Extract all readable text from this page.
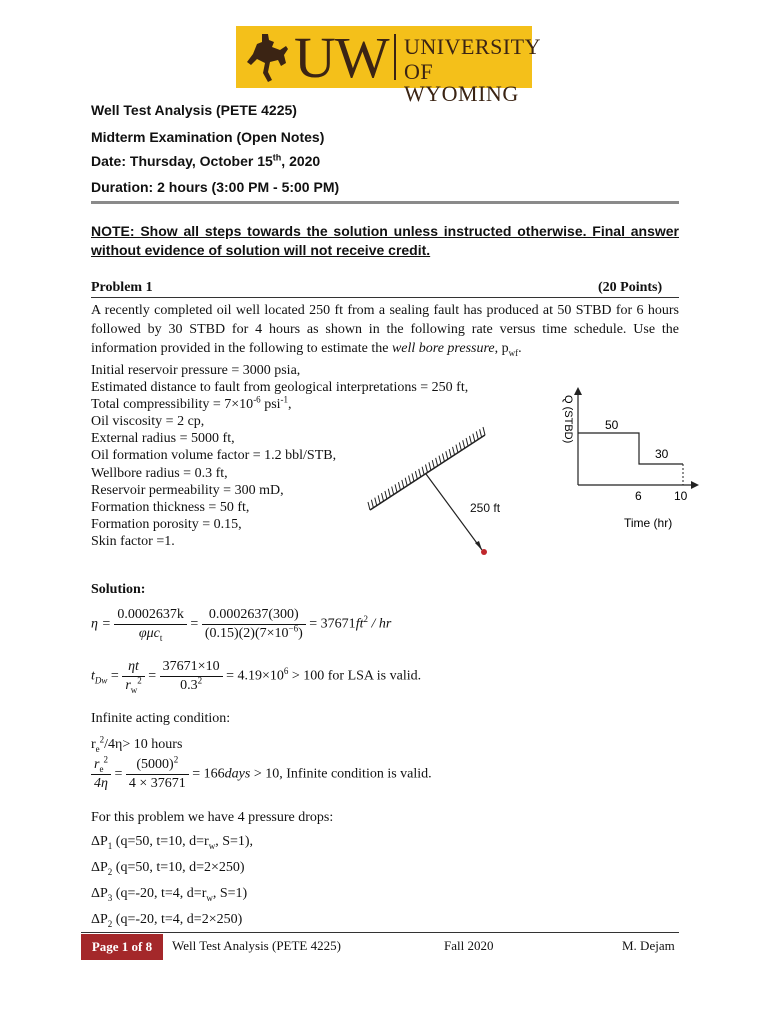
UW UNIVERSITY
OF WYOMING
Well Test Analysis (PETE 4225)
Midterm Examination (Open Notes)
Date: Thursday, October 15th, 2020
Duration: 2 hours (3:00 PM - 5:00 PM)
NOTE: Show all steps towards the solution unless instructed otherwise. Final answer without evidence of solution will not receive credit.
Problem 1	(20 Points)
A recently completed oil well located 250 ft from a sealing fault has produced at 50 STBD for 6 hours followed by 30 STBD for 4 hours as shown in the following rate versus time schedule. Use the information provided in the following to estimate the well bore pressure, $p_{wf}$.
Initial reservoir pressure = 3000 psia,
Estimated distance to fault from geological interpretations = 250 ft,
Total compressibility = $7\times 10^{-6}$ psi$^{-1}$,
Oil viscosity = 2 cp,
External radius = 5000 ft,
Oil formation volume factor = 1.2 bbl/STB,
Wellbore radius = 0.3 ft,
Reservoir permeability = 300 mD,
Formation thickness = 50 ft,
Formation porosity = 0.15,
Skin factor =1.
250 ft
50
30
6	10
Time (hr)
Q (STBD)
Solution:
$\eta = \frac{0.0002637k}{\varphi\mu c_t} = \frac{0.0002637(300)}{(0.15)(2)(7\times 10^{-6})} = 37671ft^2$ / hr
$t_{Dw} = \frac{\eta t}{r_w^2} = \frac{37671\times 10}{0.3^2} = 4.19\times 10^6 > 100$ for LSA is valid.
Infinite acting condition:
$r_e^2/4\eta> 10$ hours
$\frac{r_e^2}{4\eta} = \frac{(5000)^2}{4 \times 37671}$ = 166days > 10, Infinite condition is valid.
For this problem we have 4 pressure drops:
$\Delta P_1$ (q=50, t=10, $d=r_w$, S=1),
$\Delta P_2$ (q=50, t=10, d=2×250)
$\Delta P_3$ (q=-20, t=4, $d=r_w$, S=1)
$\Delta P_2$ (q=-20, t=4, d=2×250)
Page 1 of 8	Well Test Analysis (PETE 4225)	Fall 2020	M. Dejam
